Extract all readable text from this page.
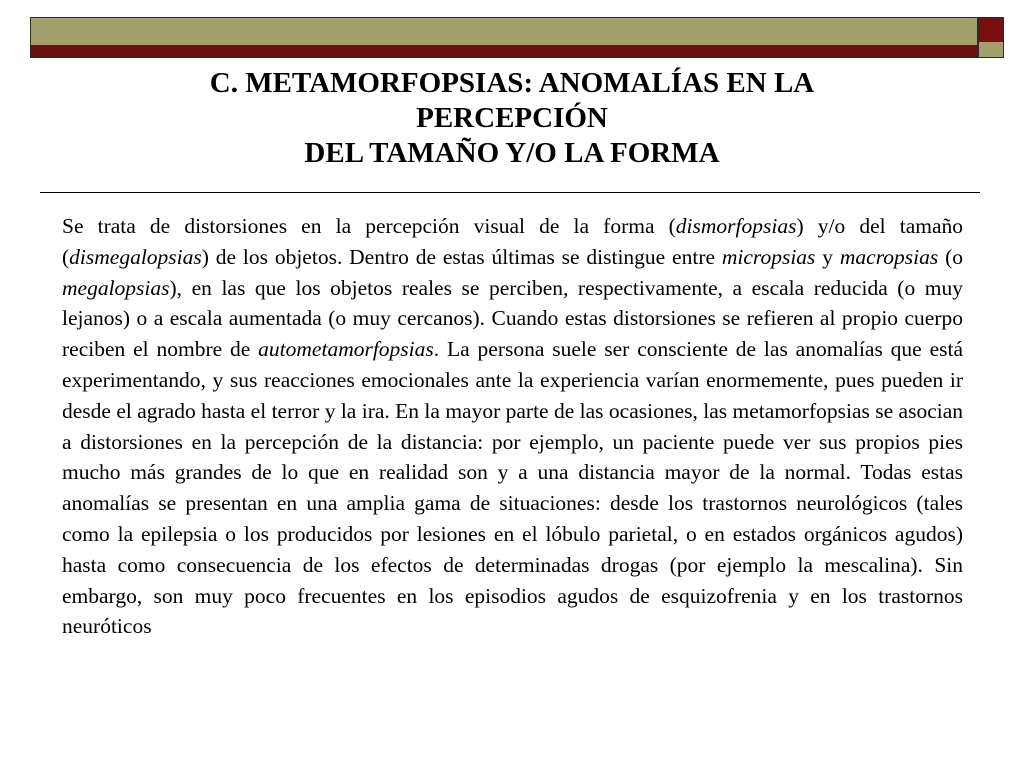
C. METAMORFOPSIAS: ANOMALÍAS EN LA
PERCEPCIÓN
DEL TAMAÑO Y/O LA FORMA
Se trata de distorsiones en la percepción visual de la forma (dismorfopsias) y/o del tamaño (dismegalopsias) de los objetos. Dentro de estas últimas se distingue entre micropsias y macropsias (o megalopsias), en las que los objetos reales se perciben, respectivamente, a escala reducida (o muy lejanos) o a escala aumentada (o muy cercanos). Cuando estas distorsiones se refieren al propio cuerpo reciben el nombre de autometamorfopsias. La persona suele ser consciente de las anomalías que está experimentando, y sus reacciones emocionales ante la experiencia varían enormemente, pues pueden ir desde el agrado hasta el terror y la ira. En la mayor parte de las ocasiones, las metamorfopsias se asocian a distorsiones en la percepción de la distancia: por ejemplo, un paciente puede ver sus propios pies mucho más grandes de lo que en realidad son y a una distancia mayor de la normal. Todas estas anomalías se presentan en una amplia gama de situaciones: desde los trastornos neurológicos (tales como la epilepsia o los producidos por lesiones en el lóbulo parietal, o en estados orgánicos agudos) hasta como consecuencia de los efectos de determinadas drogas (por ejemplo la mescalina). Sin embargo, son muy poco frecuentes en los episodios agudos de esquizofrenia y en los trastornos neuróticos
